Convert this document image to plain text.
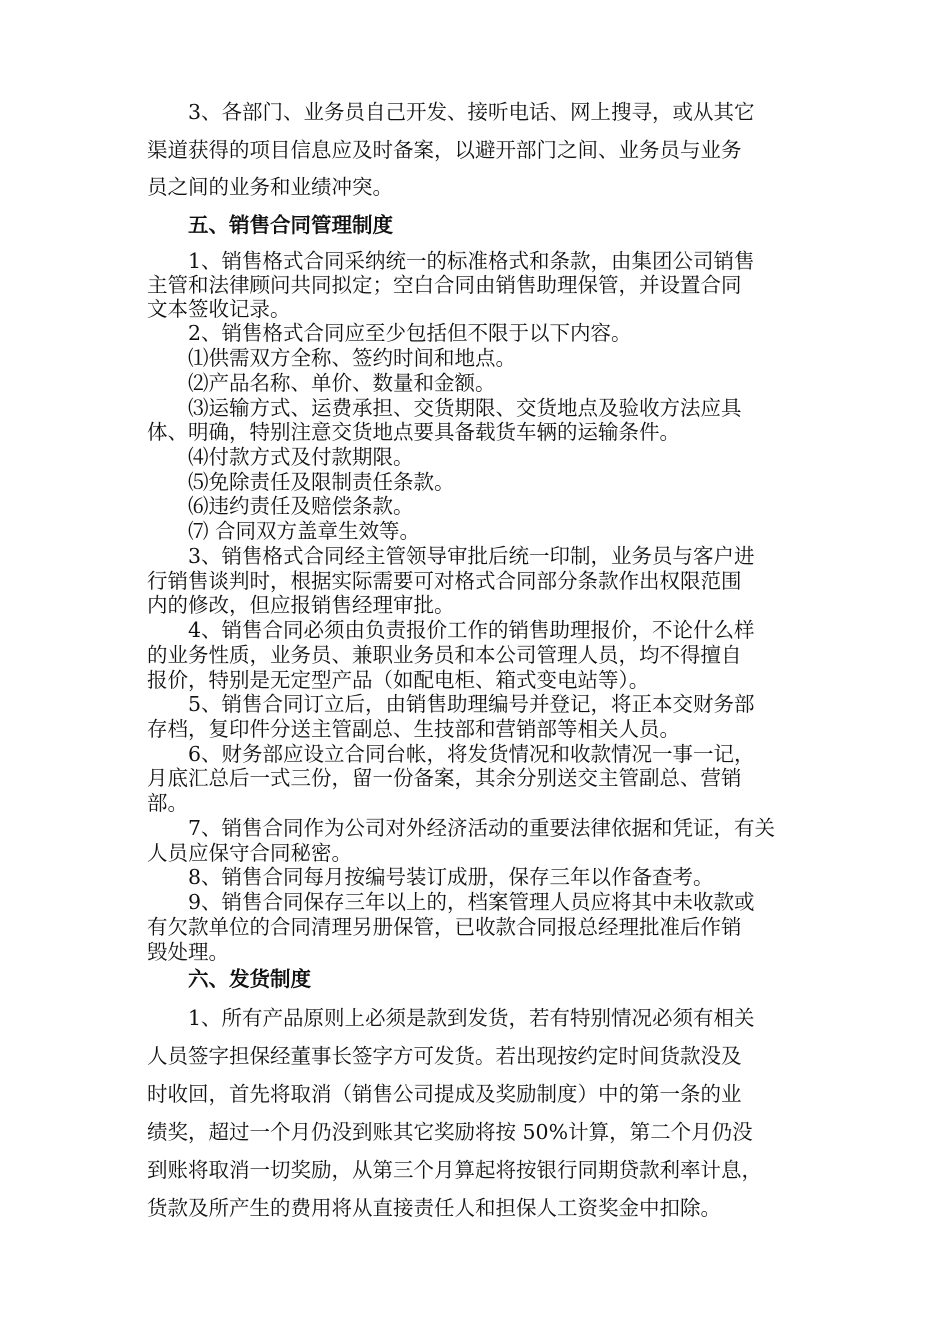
3、各部门、业务员自己开发、接听电话、网上搜寻，或从其它
渠道获得的项目信息应及时备案，以避开部门之间、业务员与业务
员之间的业务和业绩冲突。
五、销售合同管理制度
1、销售格式合同采纳统一的标准格式和条款，由集团公司销售
主管和法律顾问共同拟定；空白合同由销售助理保管，并设置合同
文本签收记录。
2、销售格式合同应至少包括但不限于以下内容。
⑴供需双方全称、签约时间和地点。
⑵产品名称、单价、数量和金额。
⑶运输方式、运费承担、交货期限、交货地点及验收方法应具
体、明确，特别注意交货地点要具备载货车辆的运输条件。
⑷付款方式及付款期限。
⑸免除责任及限制责任条款。
⑹违约责任及赔偿条款。
⑺ 合同双方盖章生效等。
3、销售格式合同经主管领导审批后统一印制，业务员与客户进
行销售谈判时，根据实际需要可对格式合同部分条款作出权限范围
内的修改，但应报销售经理审批。
4、销售合同必须由负责报价工作的销售助理报价，不论什么样
的业务性质，业务员、兼职业务员和本公司管理人员，均不得擅自
报价，特别是无定型产品（如配电柜、箱式变电站等）。
5、销售合同订立后，由销售助理编号并登记，将正本交财务部
存档，复印件分送主管副总、生技部和营销部等相关人员。
6、财务部应设立合同台帐，将发货情况和收款情况一事一记，
月底汇总后一式三份，留一份备案，其余分别送交主管副总、营销
部。
7、销售合同作为公司对外经济活动的重要法律依据和凭证，有关
人员应保守合同秘密。
8、销售合同每月按编号装订成册，保存三年以作备查考。
9、销售合同保存三年以上的，档案管理人员应将其中未收款或
有欠款单位的合同清理另册保管，已收款合同报总经理批准后作销
毁处理。
六、发货制度
1、所有产品原则上必须是款到发货，若有特别情况必须有相关
人员签字担保经董事长签字方可发货。若出现按约定时间货款没及
时收回，首先将取消（销售公司提成及奖励制度）中的第一条的业
绩奖，超过一个月仍没到账其它奖励将按 50%计算，第二个月仍没
到账将取消一切奖励，从第三个月算起将按银行同期贷款利率计息，
货款及所产生的费用将从直接责任人和担保人工资奖金中扣除。
